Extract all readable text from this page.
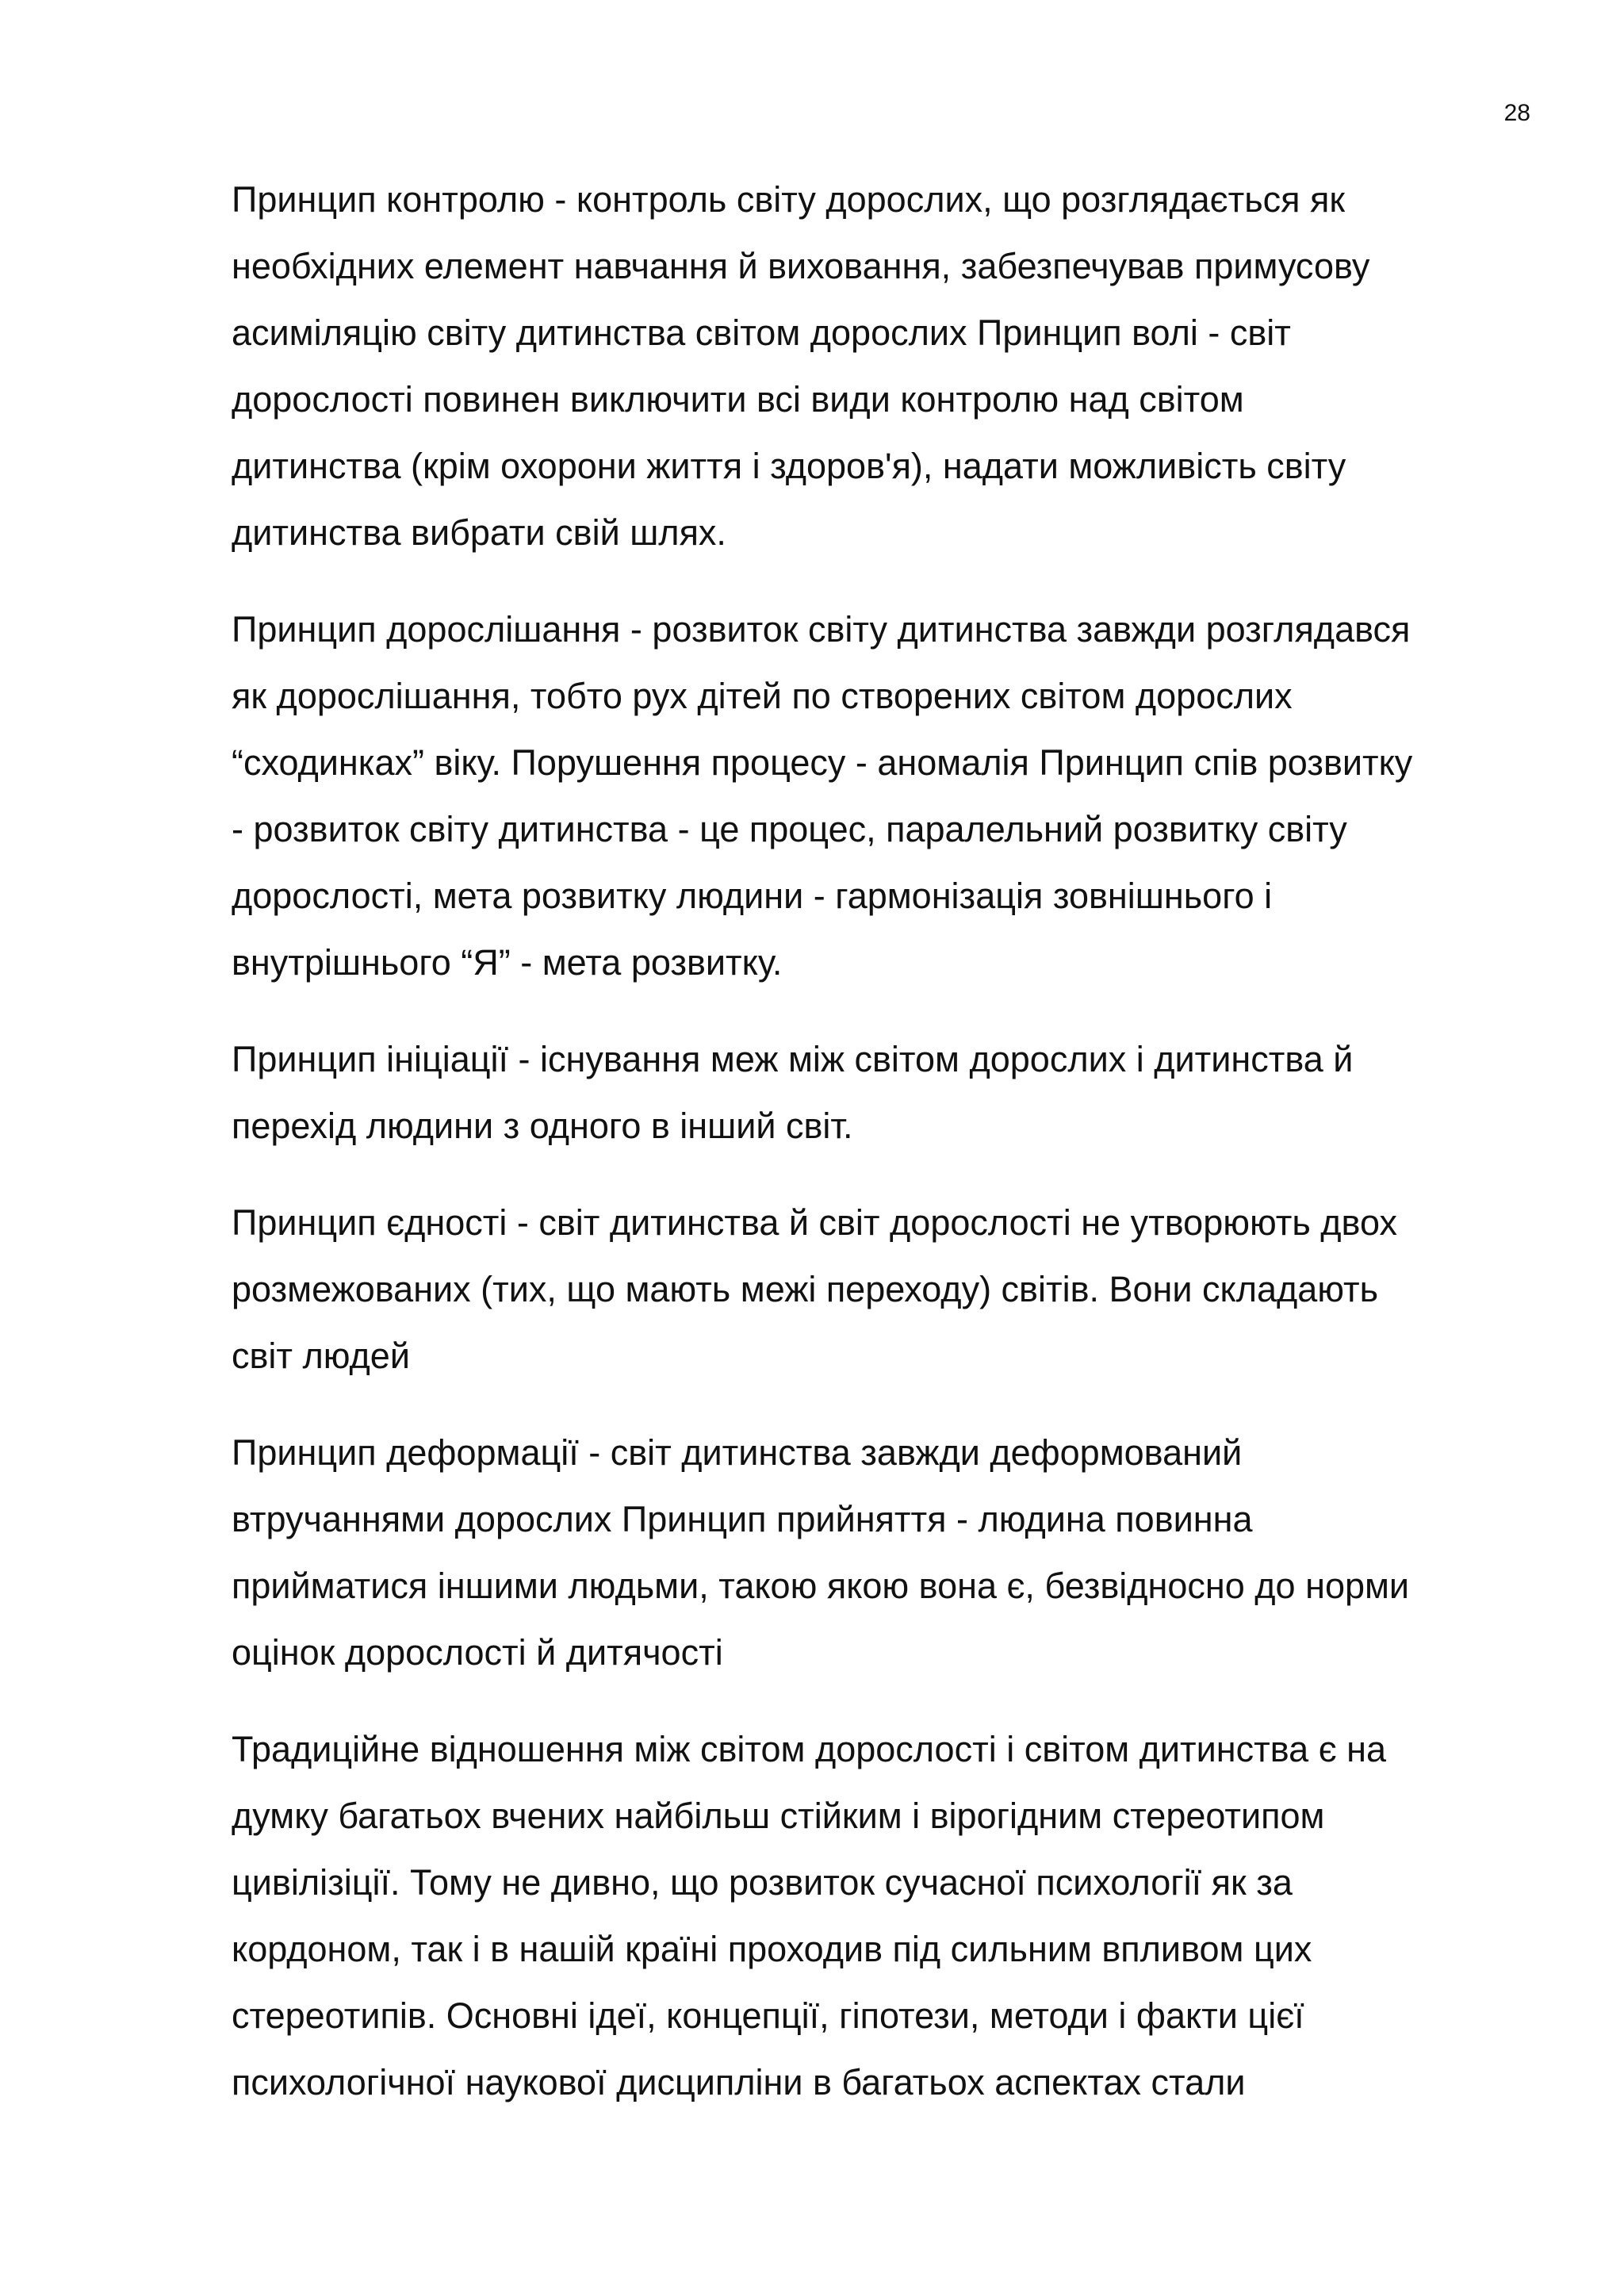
28

Принцип контролю - контроль світу дорослих, що розглядається як
необхідних елемент навчання й виховання, забезпечував примусову
асиміляцію світу дитинства світом дорослих Принцип волі - світ
дорослості повинен виключити всі види контролю над світом
дитинства (крім охорони життя і здоров'я), надати можливість світу
дитинства вибрати свій шлях.

Принцип дорослішання - розвиток світу дитинства завжди розглядався
як дорослішання, тобто рух дітей по створених світом дорослих
“сходинках” віку. Порушення процесу - аномалія Принцип спів розвитку
- розвиток світу дитинства - це процес, паралельний розвитку світу
дорослості, мета розвитку людини - гармонізація зовнішнього і
внутрішнього “Я” - мета розвитку.

Принцип ініціації - існування меж між світом дорослих і дитинства й
перехід людини з одного в інший світ.

Принцип єдності - світ дитинства й світ дорослості не утворюють двох
розмежованих (тих, що мають межі переходу) світів. Вони складають
світ людей

Принцип деформації - світ дитинства завжди деформований
втручаннями дорослих Принцип прийняття - людина повинна
прийматися іншими людьми, такою якою вона є, безвідносно до норми
оцінок дорослості й дитячості

Традиційне відношення між світом дорослості і світом дитинства є на
думку багатьох вчених найбільш стійким і вірогідним стереотипом
цивілізіції. Тому не дивно, що розвиток сучасної психології як за
кордоном, так і в нашій країні проходив під сильним впливом цих
стереотипів. Основні ідеї, концепції, гіпотези, методи і факти цієї
психологічної наукової дисципліни в багатьох аспектах стали
